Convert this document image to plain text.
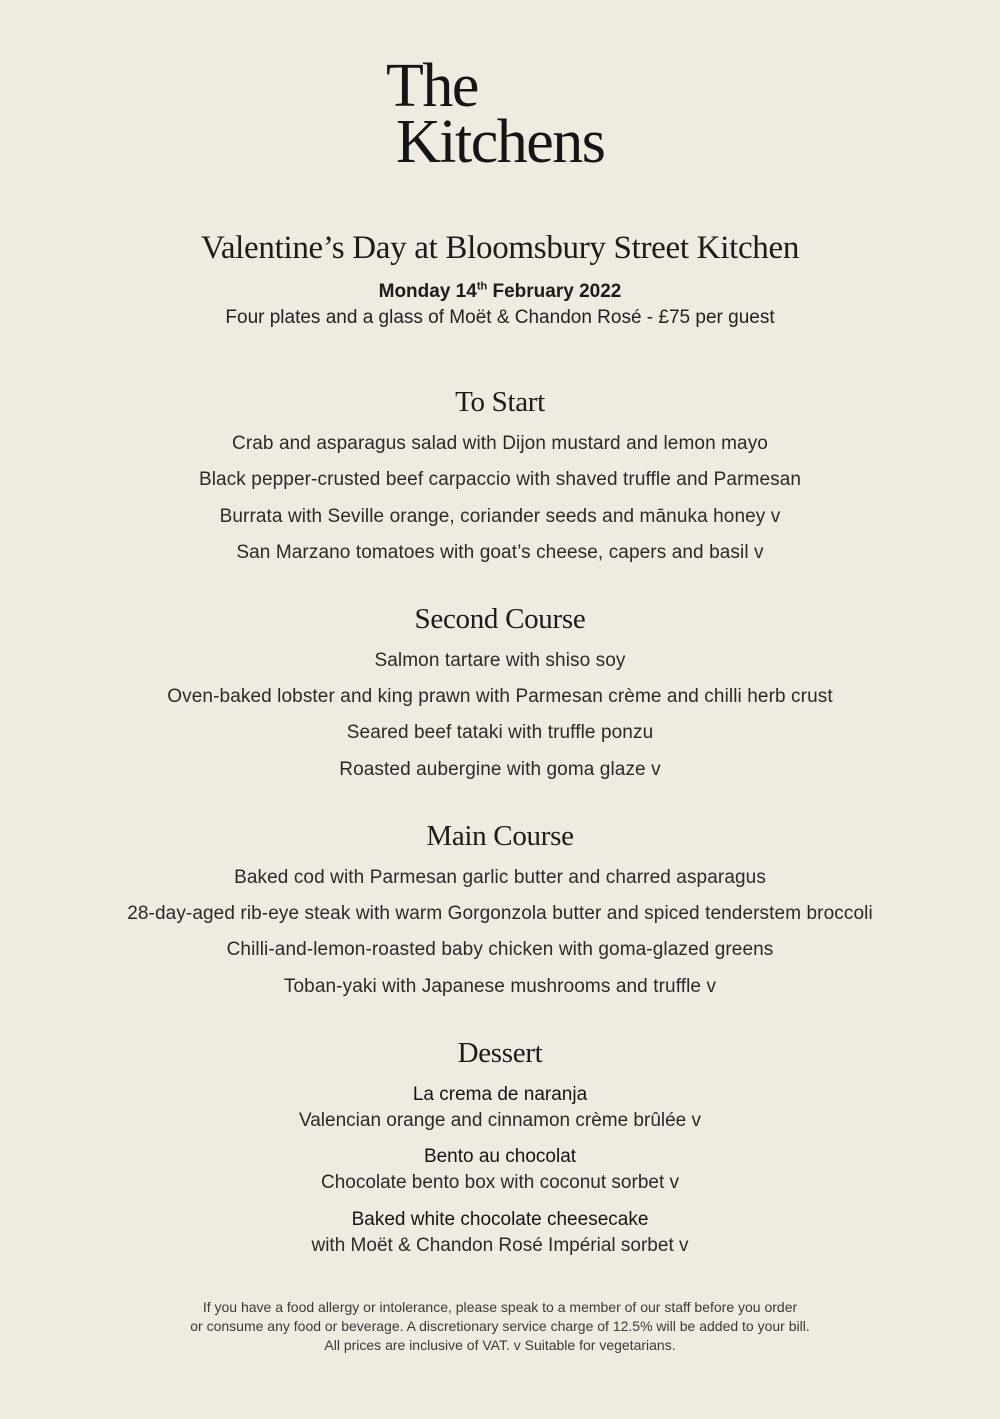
The
Kitchens
Valentine’s Day at Bloomsbury Street Kitchen
Monday 14th February 2022
Four plates and a glass of Moët & Chandon Rosé - £75 per guest
To Start
Crab and asparagus salad with Dijon mustard and lemon mayo
Black pepper-crusted beef carpaccio with shaved truffle and Parmesan
Burrata with Seville orange, coriander seeds and mānuka honey v
San Marzano tomatoes with goat’s cheese, capers and basil v
Second Course
Salmon tartare with shiso soy
Oven-baked lobster and king prawn with Parmesan crème and chilli herb crust
Seared beef tataki with truffle ponzu
Roasted aubergine with goma glaze v
Main Course
Baked cod with Parmesan garlic butter and charred asparagus
28-day-aged rib-eye steak with warm Gorgonzola butter and spiced tenderstem broccoli
Chilli-and-lemon-roasted baby chicken with goma-glazed greens
Toban-yaki with Japanese mushrooms and truffle v
Dessert
La crema de naranja
Valencian orange and cinnamon crème brûlée v
Bento au chocolat
Chocolate bento box with coconut sorbet v
Baked white chocolate cheesecake
with Moët & Chandon Rosé Impérial sorbet v
If you have a food allergy or intolerance, please speak to a member of our staff before you order
or consume any food or beverage. A discretionary service charge of 12.5% will be added to your bill.
All prices are inclusive of VAT. v Suitable for vegetarians.
